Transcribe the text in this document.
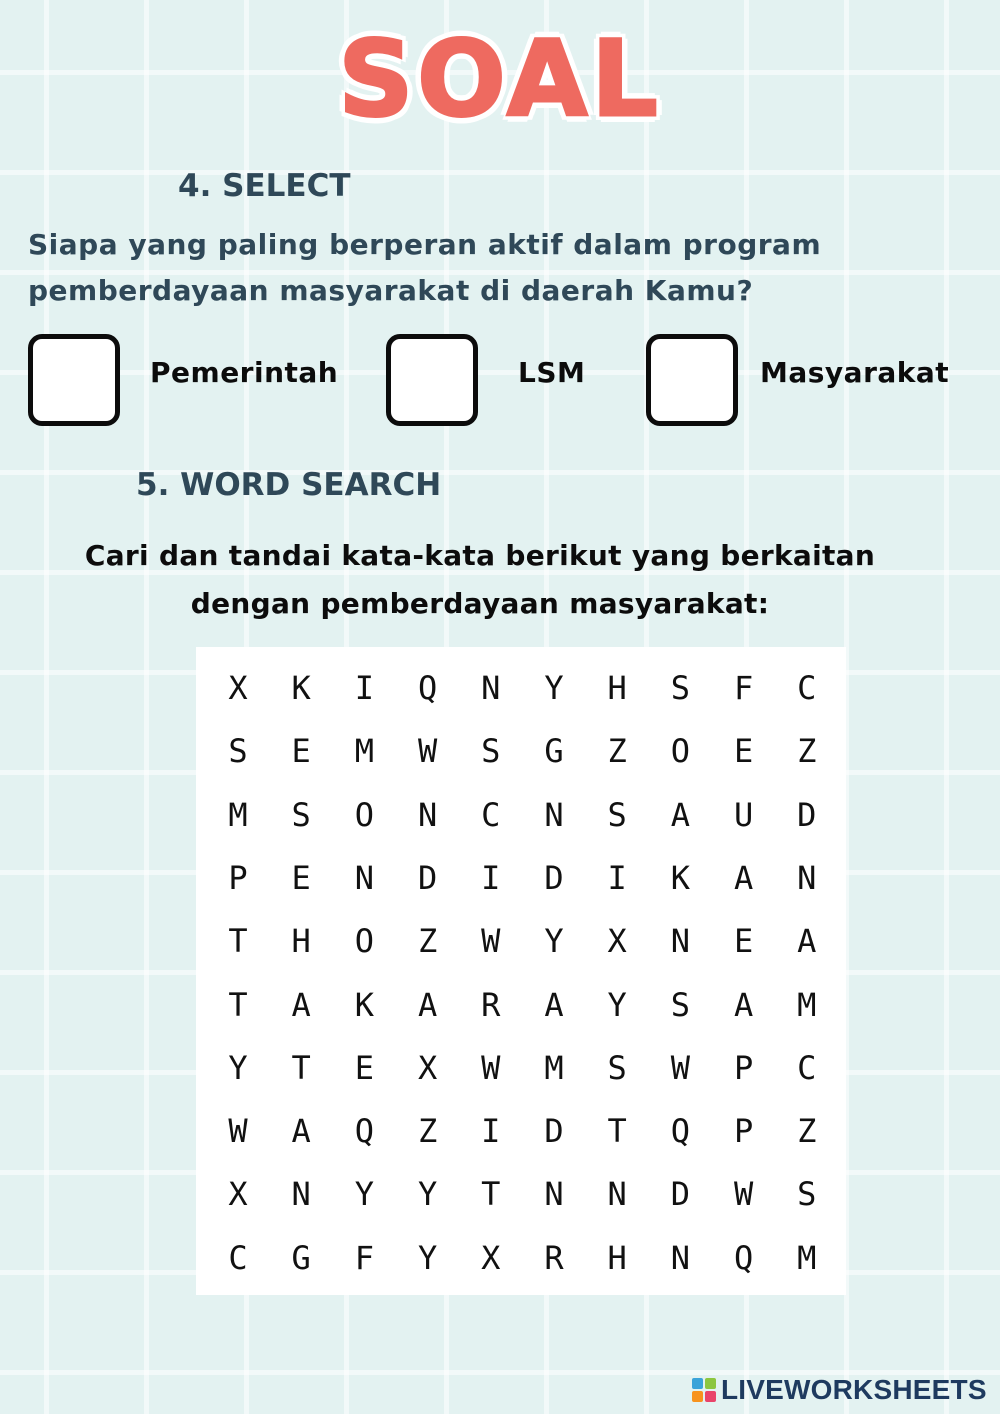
SOAL
4. SELECT
Siapa yang paling berperan aktif dalam program
pemberdayaan masyarakat di daerah Kamu?
Pemerintah	LSM	Masyarakat
5. WORD SEARCH
Cari dan tandai kata-kata berikut yang berkaitan
dengan pemberdayaan masyarakat:
X	K	I	Q	N	Y	H	S	F	C
S	E	M	W	S	G	Z	O	E	Z
M	S	O	N	C	N	S	A	U	D
P	E	N	D	I	D	I	K	A	N
T	H	O	Z	W	Y	X	N	E	A
T	A	K	A	R	A	Y	S	A	M
Y	T	E	X	W	M	S	W	P	C
W	A	Q	Z	I	D	T	Q	P	Z
X	N	Y	Y	T	N	N	D	W	S
C	G	F	Y	X	R	H	N	Q	M
LIVEWORKSHEETS
